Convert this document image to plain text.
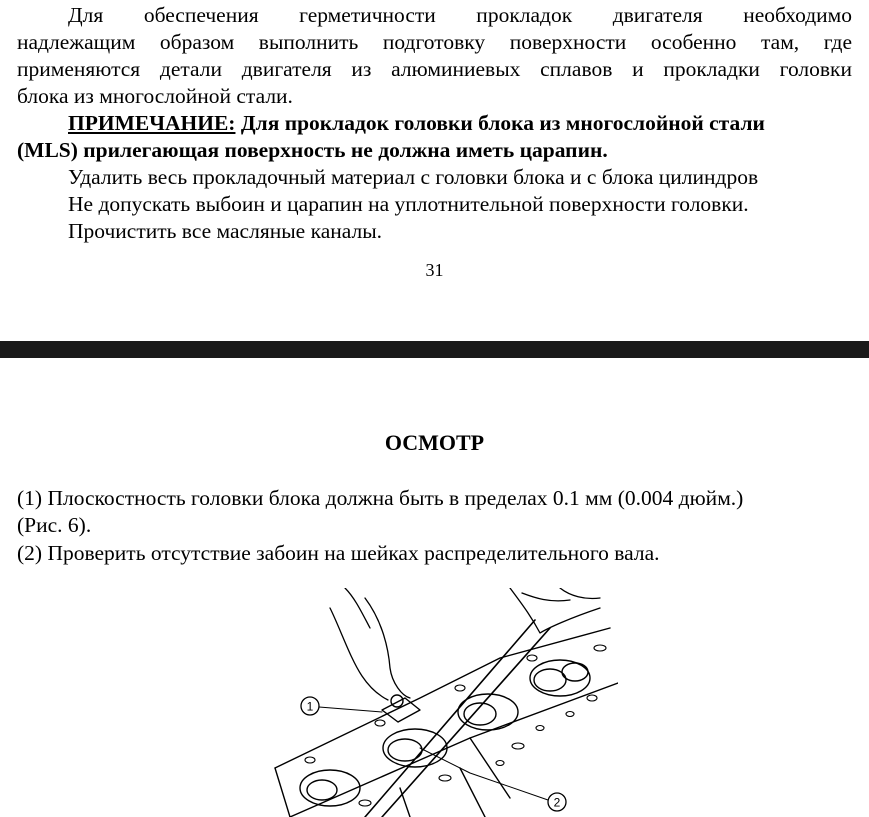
Для обеспечения герметичности прокладок двигателя необходимо
надлежащим образом выполнить подготовку поверхности особенно там, где
применяются детали двигателя из алюминиевых сплавов и прокладки головки
блока из многослойной стали.
ПРИМЕЧАНИЕ: Для прокладок головки блока из многослойной стали
(MLS) прилегающая поверхность не должна иметь царапин.
Удалить весь прокладочный материал с головки блока и с блока цилиндров
Не допускать выбоин и царапин на уплотнительной поверхности головки.
Прочистить все масляные каналы.
31
ОСМОТР
(1) Плоскостность головки блока должна быть в пределах 0.1 мм (0.004 дюйм.)
(Рис. 6).
(2) Проверить отсутствие забоин на шейках распределительного вала.
1
2
